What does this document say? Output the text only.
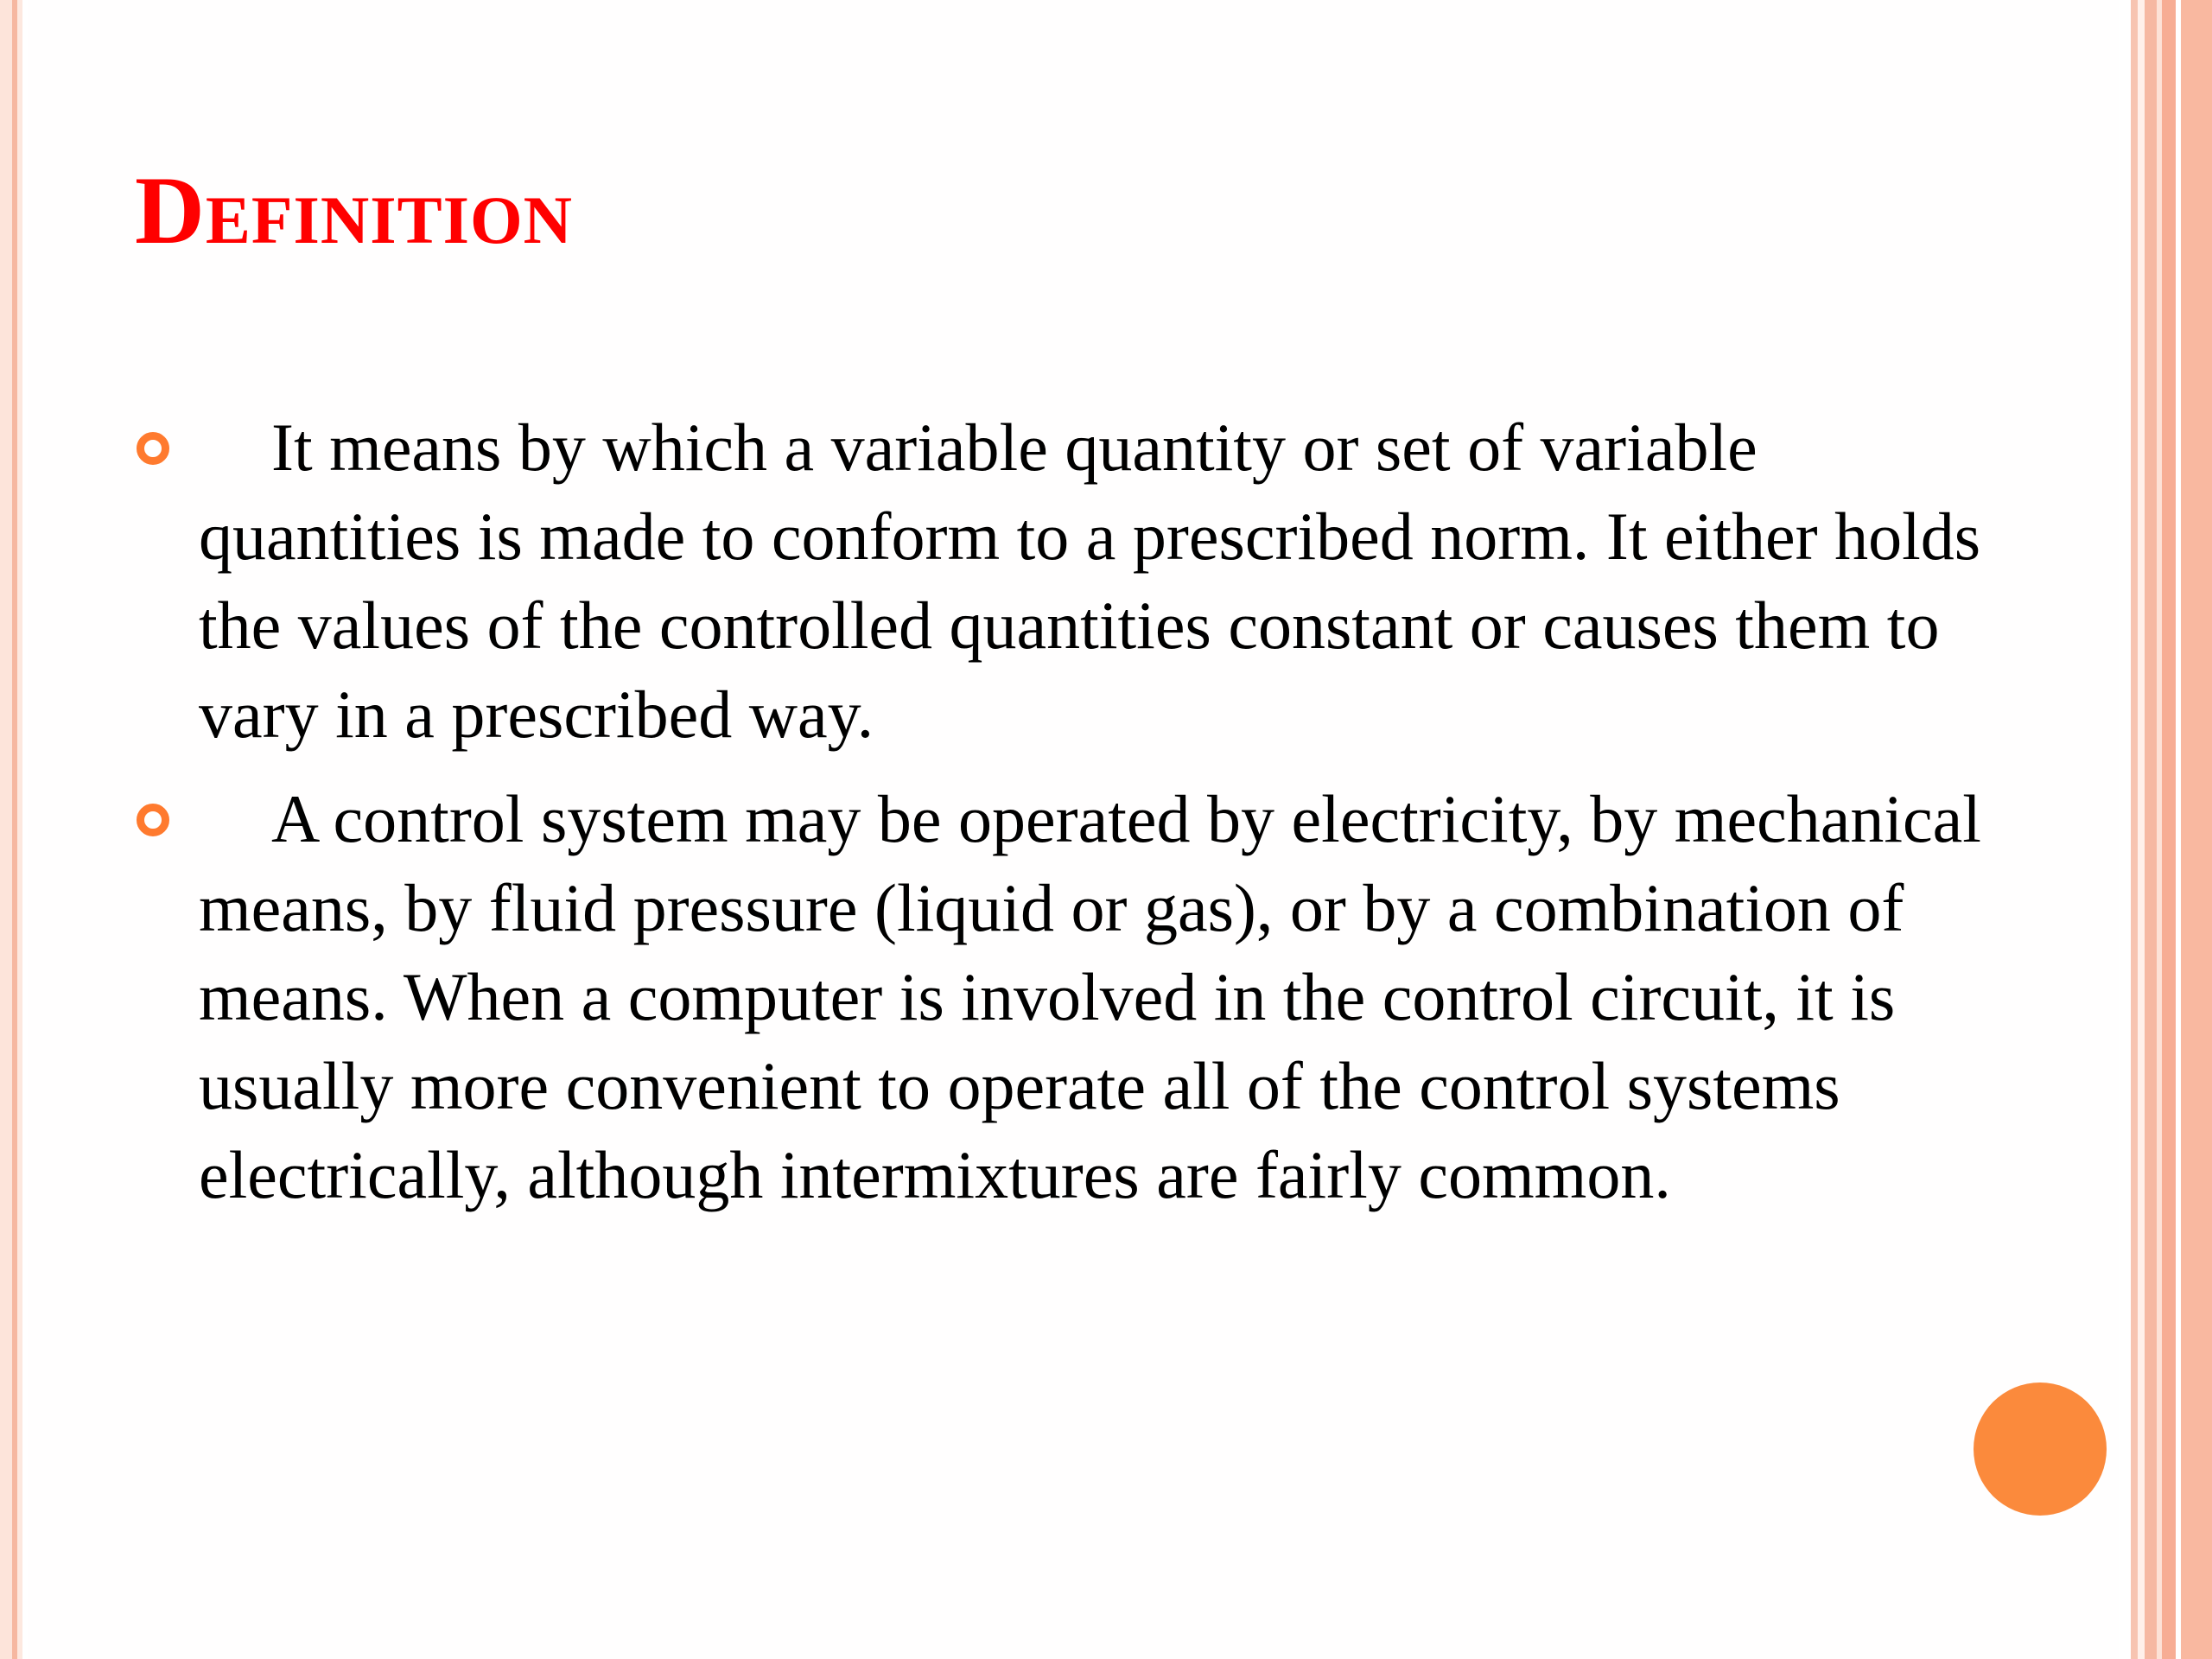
Definition
It means by which a variable quantity or set of variable quantities is made to conform to a prescribed norm. It either holds the values of the controlled quantities constant or causes them to vary in a prescribed way.
A control system may be operated by electricity, by mechanical means, by fluid pressure (liquid or gas), or by a combination of means. When a computer is involved in the control circuit, it is usually more convenient to operate all of the control systems electrically, although intermixtures are fairly common.
